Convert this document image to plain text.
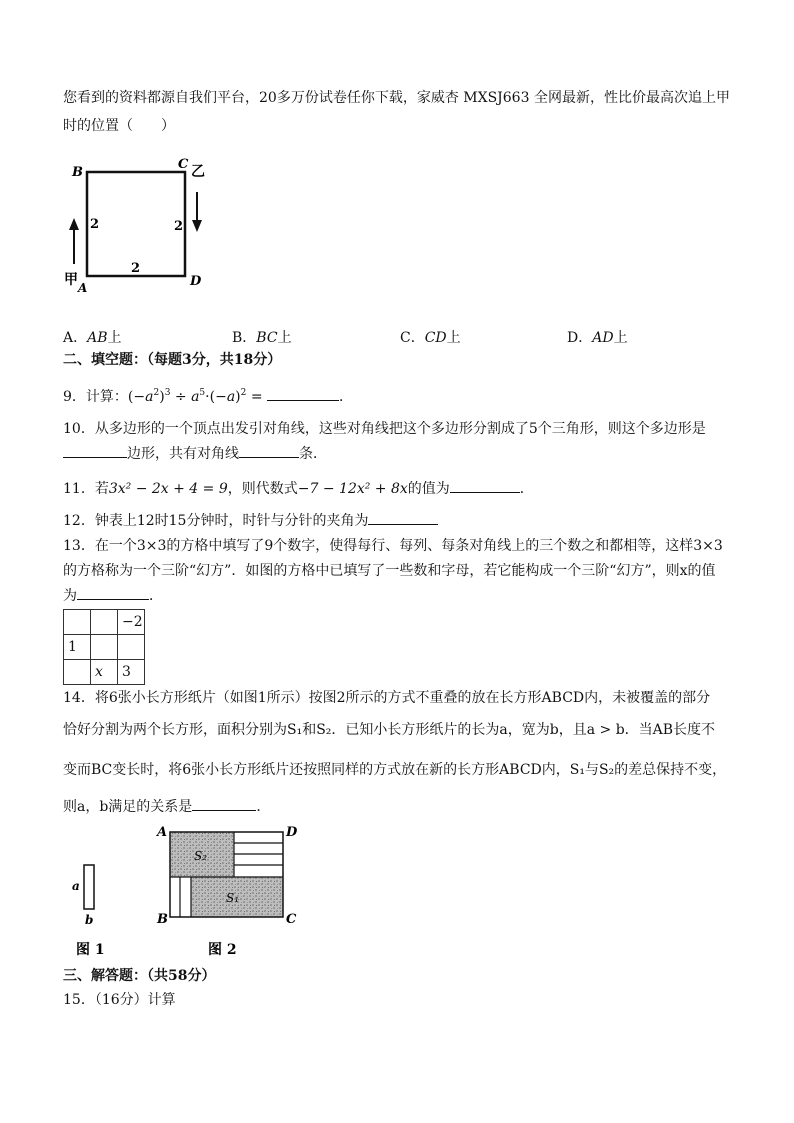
您看到的资料都源自我们平台，20多万份试卷任你下载，家威杏 MXSJ663 全网最新，性比价最高次追上甲
时的位置（　　）
B
C 乙
甲 A	D
2	2
2
A．AB上	B．BC上	C．CD上	D．AD上
二、填空题：（每题3分，共18分）
9．计算：$(-a^2)^3 \div a^5\cdot(-a)^2$ =	．
10．从多边形的一个顶点出发引对角线，这些对角线把这个多边形分割成了5个三角形，则这个多边形是
边形，共有对角线	条．
11．若3x² − 2x + 4 = 9，则代数式−7 − 12x² + 8x的值为	．
12．钟表上12时15分钟时，时针与分针的夹角为
13．在一个3×3的方格中填写了9个数字，使得每行、每列、每条对角线上的三个数之和都相等，这样3×3
的方格称为一个三阶“幻方”．如图的方格中已填写了一些数和字母，若它能构成一个三阶“幻方”，则x的值
为	．
		−2
1		
	x	3
14．将6张小长方形纸片（如图1所示）按图2所示的方式不重叠的放在长方形ABCD内，未被覆盖的部分
恰好分割为两个长方形，面积分别为S₁和S₂．已知小长方形纸片的长为a，宽为b，且a > b．当AB长度不
变而BC变长时，将6张小长方形纸片还按照同样的方式放在新的长方形ABCD内，S₁与S₂的差总保持不变，
则a，b满足的关系是	．
a
b
图 1
S₂
S₁
A	D
B	C
图 2
三、解答题：（共58分）
15．（16分）计算
